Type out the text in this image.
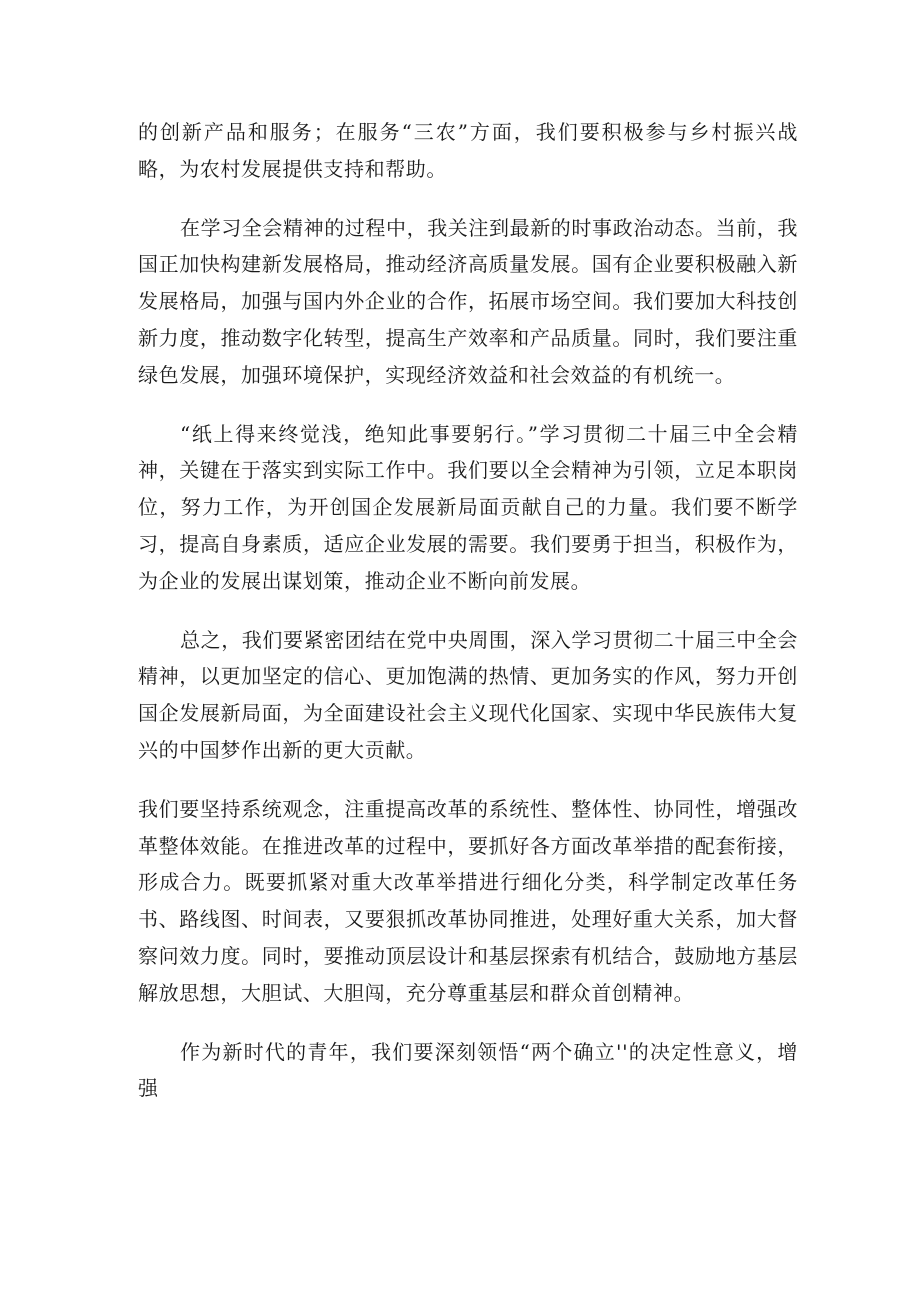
的创新产品和服务；在服务“三农”方面，我们要积极参与乡村振兴战略，为农村发展提供支持和帮助。

在学习全会精神的过程中，我关注到最新的时事政治动态。当前，我国正加快构建新发展格局，推动经济高质量发展。国有企业要积极融入新发展格局，加强与国内外企业的合作，拓展市场空间。我们要加大科技创新力度，推动数字化转型，提高生产效率和产品质量。同时，我们要注重绿色发展，加强环境保护，实现经济效益和社会效益的有机统一。

“纸上得来终觉浅，绝知此事要躬行。”学习贯彻二十届三中全会精神，关键在于落实到实际工作中。我们要以全会精神为引领，立足本职岗位，努力工作，为开创国企发展新局面贡献自己的力量。我们要不断学习，提高自身素质，适应企业发展的需要。我们要勇于担当，积极作为，为企业的发展出谋划策，推动企业不断向前发展。

总之，我们要紧密团结在党中央周围，深入学习贯彻二十届三中全会精神，以更加坚定的信心、更加饱满的热情、更加务实的作风，努力开创国企发展新局面，为全面建设社会主义现代化国家、实现中华民族伟大复兴的中国梦作出新的更大贡献。

我们要坚持系统观念，注重提高改革的系统性、整体性、协同性，增强改革整体效能。在推进改革的过程中，要抓好各方面改革举措的配套衔接，形成合力。既要抓紧对重大改革举措进行细化分类，科学制定改革任务书、路线图、时间表，又要狠抓改革协同推进，处理好重大关系，加大督察问效力度。同时，要推动顶层设计和基层探索有机结合，鼓励地方基层解放思想，大胆试、大胆闯，充分尊重基层和群众首创精神。

作为新时代的青年，我们要深刻领悟“两个确立''的决定性意义，增强
